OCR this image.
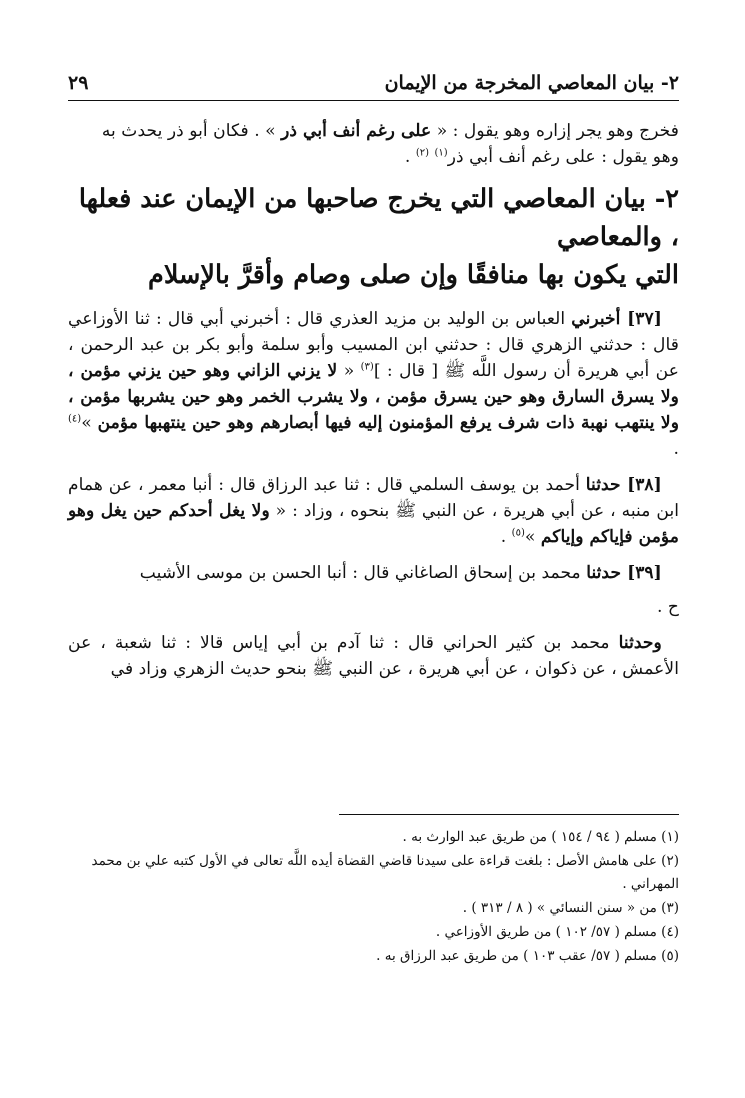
٢- بيان المعاصي المخرجة من الإيمان
٢٩

فخرج وهو يجر إزاره وهو يقول : « على رغم أنف أبي ذر » . فكان أبو ذر يحدث به

وهو يقول : على رغم أنف أبي ذر$^{(١)}$ $^{(٢)}$ .

٢- بيان المعاصي التي يخرج صاحبها من الإيمان عند فعلها ، والمعاصي
التي يكون بها منافقًا وإن صلى وصام وأقرَّ بالإسلام

 [٣٧] أخبرني العباس بن الوليد بن مزيد العذري قال : أخبرني أبي قال : ثنا الأوزاعي قال : حدثني الزهري قال : حدثني ابن المسيب وأبو سلمة وأبو بكر بن عبد الرحمن ، عن أبي هريرة أن رسول اللَّه ﷺ [ قال : ]$^{(٣)}$ « لا يزني الزاني وهو حين يزني مؤمن ، ولا يسرق السارق وهو حين يسرق مؤمن ، ولا يشرب الخمر وهو حين يشربها مؤمن ، ولا ينتهب نهبة ذات شرف يرفع المؤمنون إليه فيها أبصارهم وهو حين ينتهبها مؤمن »$^{(٤)}$ .

 [٣٨] حدثنا أحمد بن يوسف السلمي قال : ثنا عبد الرزاق قال : أنبا معمر ، عن همام ابن منبه ، عن أبي هريرة ، عن النبي ﷺ بنحوه ، وزاد : « ولا يغل أحدكم حين يغل وهو مؤمن فإياكم وإياكم »$^{(٥)}$ .

 [٣٩] حدثنا محمد بن إسحاق الصاغاني قال : أنبا الحسن بن موسى الأشيب

ح .

 وحدثنا محمد بن كثير الحراني قال : ثنا آدم بن أبي إياس قالا : ثنا شعبة ، عن الأعمش ، عن ذكوان ، عن أبي هريرة ، عن النبي ﷺ بنحو حديث الزهري وزاد في

(١) مسلم ( ٩٤ / ١٥٤ ) من طريق عبد الوارث به .

(٢) على هامش الأصل : بلغت قراءة على سيدنا قاضي القضاة أيده اللَّه تعالى في الأول كتبه علي بن محمد المهراني .

(٣) من « سنن النسائي » ( ٨ / ٣١٣ ) .

(٤) مسلم ( ٥٧/ ١٠٢ ) من طريق الأوزاعي .

(٥) مسلم ( ٥٧/ عقب ١٠٣ ) من طريق عبد الرزاق به .
